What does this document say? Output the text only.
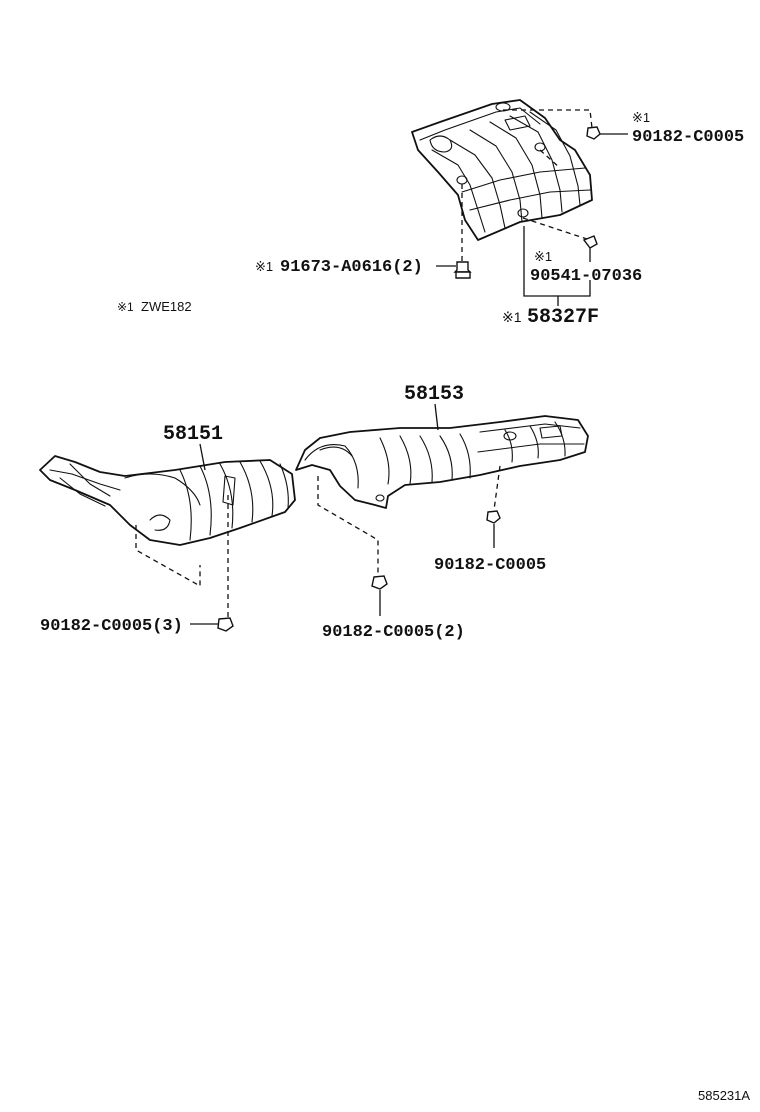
※1
90182-C0005
※1 91673-A0616(2)
※1
90541-07036
※1 58327F
※1 ZWE182
58153
58151
90182-C0005
90182-C0005(3)	90182-C0005(2)
585231A
